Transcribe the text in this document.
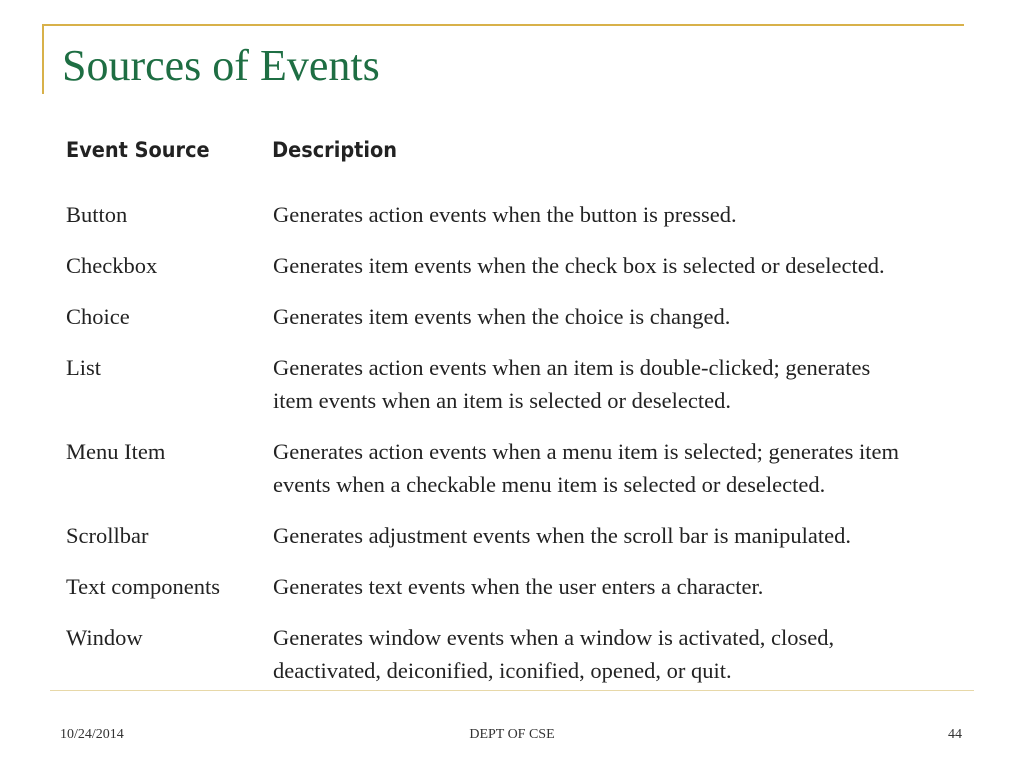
Sources of Events
Event Source	Description
Button	Generates action events when the button is pressed.
Checkbox	Generates item events when the check box is selected or deselected.
Choice	Generates item events when the choice is changed.
List	Generates action events when an item is double-clicked; generates
item events when an item is selected or deselected.
Menu Item	Generates action events when a menu item is selected; generates item
events when a checkable menu item is selected or deselected.
Scrollbar	Generates adjustment events when the scroll bar is manipulated.
Text components	Generates text events when the user enters a character.
Window	Generates window events when a window is activated, closed,
deactivated, deiconified, iconified, opened, or quit.
10/24/2014	DEPT OF CSE	44
